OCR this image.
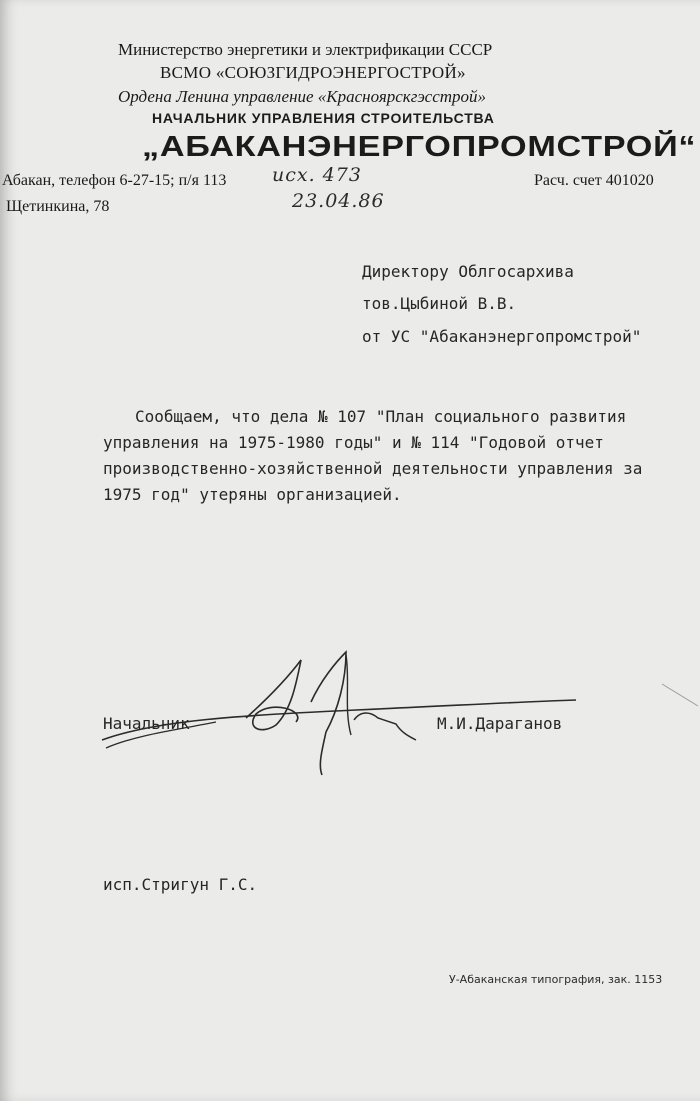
Министерство энергетики и электрификации СССР
ВСМО «СОЮЗГИДРОЭНЕРГОСТРОЙ»
Ордена Ленина управление «Красноярскгэсстрой»
НАЧАЛЬНИК УПРАВЛЕНИЯ СТРОИТЕЛЬСТВА
„АБАКАНЭНЕРГОПРОМСТРОЙ“
Абакан, телефон 6-27-15; п/я 113
Щетинкина, 78
Расч. счет 401020
исх. 473
23.04.86
Директору Облгосархива
тов.Цыбиной В.В.
от УС "Абаканэнергопромстрой"
Сообщаем, что дела № 107 "План социального развития
управления на 1975-1980 годы" и № 114 "Годовой отчет
производственно-хозяйственной деятельности управления за
1975 год" утеряны организацией.
Начальник	М.И.Дараганов
исп.Стригун Г.С.
У-Абаканская типография, зак. 1153
